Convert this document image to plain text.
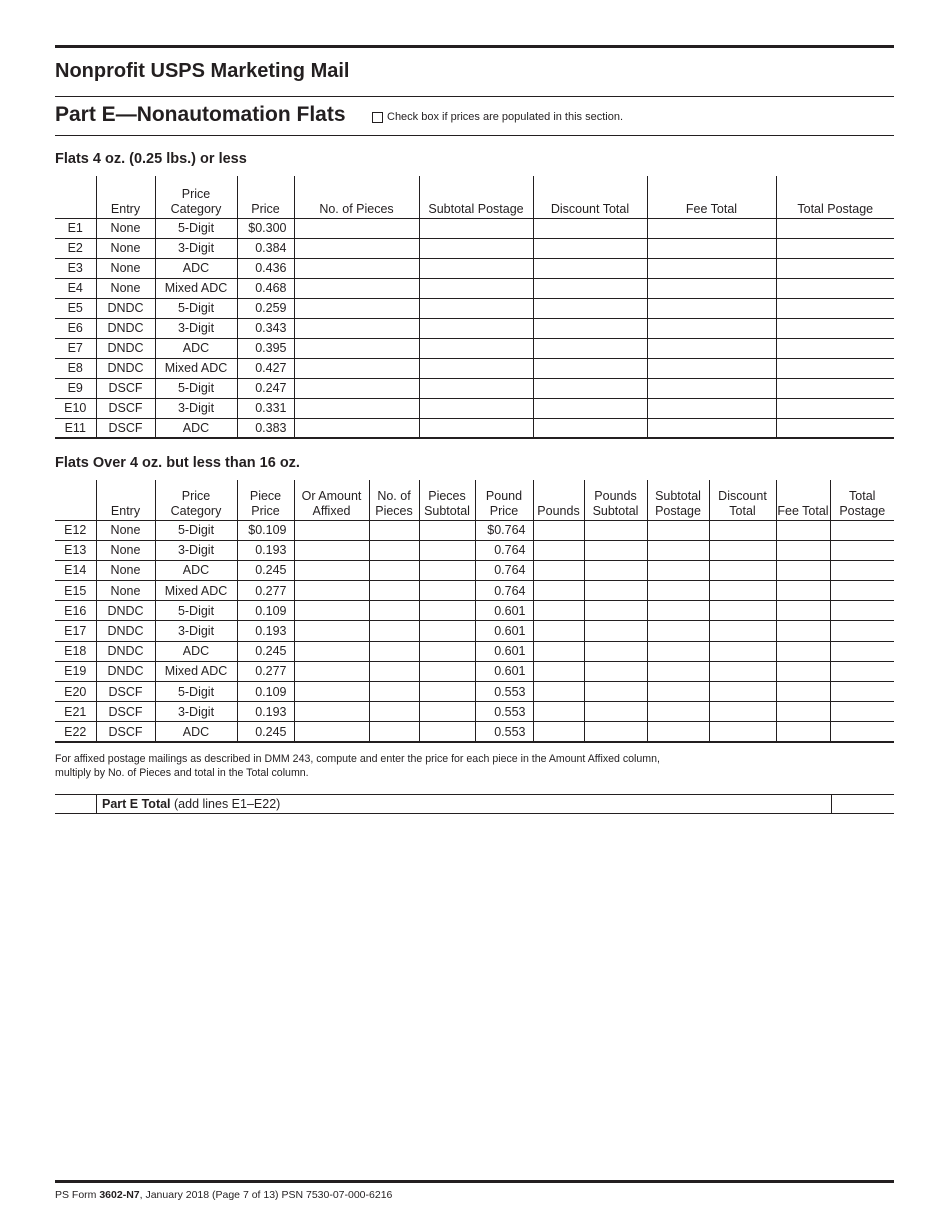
Nonprofit USPS Marketing Mail
Part E—Nonautomation Flats	Check box if prices are populated in this section.
Flats 4 oz. (0.25 lbs.) or less
	Entry	Price Category	Price	No. of Pieces	Subtotal Postage	Discount Total	Fee Total	Total Postage
E1	None	5-Digit	$0.300					
E2	None	3-Digit	0.384					
E3	None	ADC	0.436					
E4	None	Mixed ADC	0.468					
E5	DNDC	5-Digit	0.259					
E6	DNDC	3-Digit	0.343					
E7	DNDC	ADC	0.395					
E8	DNDC	Mixed ADC	0.427					
E9	DSCF	5-Digit	0.247					
E10	DSCF	3-Digit	0.331					
E11	DSCF	ADC	0.383					
Flats Over 4 oz. but less than 16 oz.
	Entry	Price Category	Piece Price	Or Amount Affixed	No. of Pieces	Pieces Subtotal	Pound Price	Pounds	Pounds Subtotal	Subtotal Postage	Discount Total	Fee Total	Total Postage
E12	None	5-Digit	$0.109				$0.764						
E13	None	3-Digit	0.193				0.764						
E14	None	ADC	0.245				0.764						
E15	None	Mixed ADC	0.277				0.764						
E16	DNDC	5-Digit	0.109				0.601						
E17	DNDC	3-Digit	0.193				0.601						
E18	DNDC	ADC	0.245				0.601						
E19	DNDC	Mixed ADC	0.277				0.601						
E20	DSCF	5-Digit	0.109				0.553						
E21	DSCF	3-Digit	0.193				0.553						
E22	DSCF	ADC	0.245				0.553						
For affixed postage mailings as described in DMM 243, compute and enter the price for each piece in the Amount Affixed column,
multiply by No. of Pieces and total in the Total column.
Part E Total (add lines E1–E22)
PS Form 3602-N7, January 2018 (Page 7 of 13) PSN 7530-07-000-6216
